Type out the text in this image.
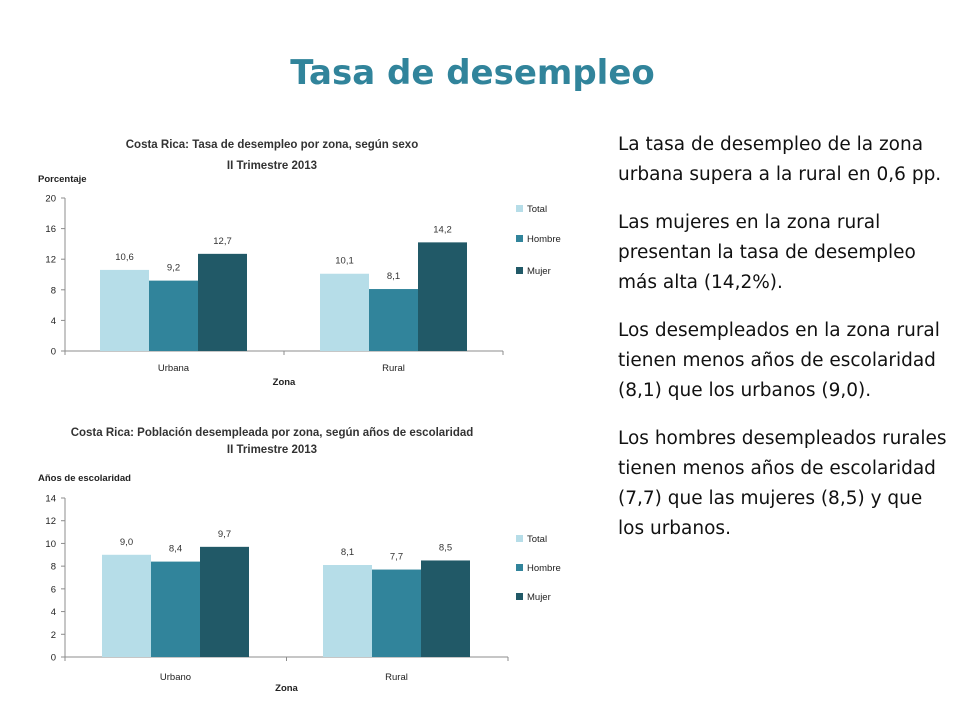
Tasa de desempleo
Costa Rica: Tasa de desempleo por zona, según sexo
II Trimestre 2013
Porcentaje
Zona
0
4
8
12
16
20
10,6
9,2
12,7
Urbana
10,1
8,1
14,2
Rural
Total
Hombre
Mujer
Costa Rica: Población desempleada por zona, según años de escolaridad
II Trimestre 2013
Años de escolaridad
Zona
0
2
4
6
8
10
12
14
9,0
8,4
9,7
Urbano
8,1	7,7
8,5
Rural
Total
Hombre
Mujer

La tasa de desempleo de la zona urbana supera a la rural en 0,6 pp.

Las mujeres en la zona rural presentan la tasa de desempleo más alta (14,2%).

Los desempleados en la zona rural tienen menos años de escolaridad (8,1) que los urbanos (9,0).

Los hombres desempleados rurales tienen menos años de escolaridad (7,7) que las mujeres (8,5) y que los urbanos.
